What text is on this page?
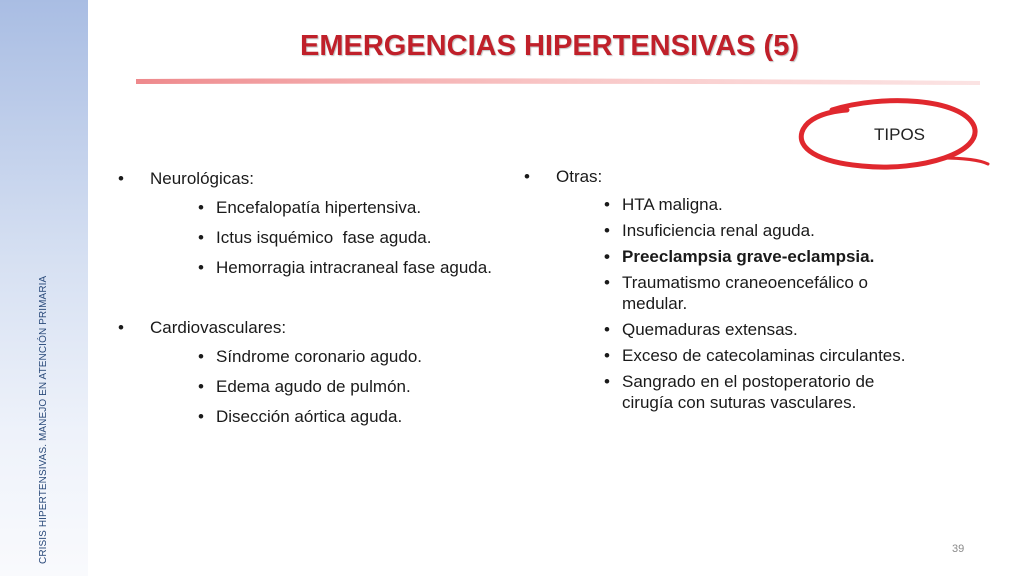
CRISIS HIPERTENSIVAS. MANEJO EN ATENCIÓN PRIMARIA
EMERGENCIAS HIPERTENSIVAS (5)
TIPOS
• Neurológicas:
• Encefalopatía hipertensiva.
• Ictus isquémico  fase aguda.
• Hemorragia intracraneal fase aguda.
• Cardiovasculares:
• Síndrome coronario agudo.
• Edema agudo de pulmón.
• Disección aórtica aguda.
• Otras:
• HTA maligna.
• Insuficiencia renal aguda.
• Preeclampsia grave-eclampsia.
• Traumatismo craneoencefálico o medular.
• Quemaduras extensas.
• Exceso de catecolaminas circulantes.
• Sangrado en el postoperatorio de cirugía con suturas vasculares.
39
